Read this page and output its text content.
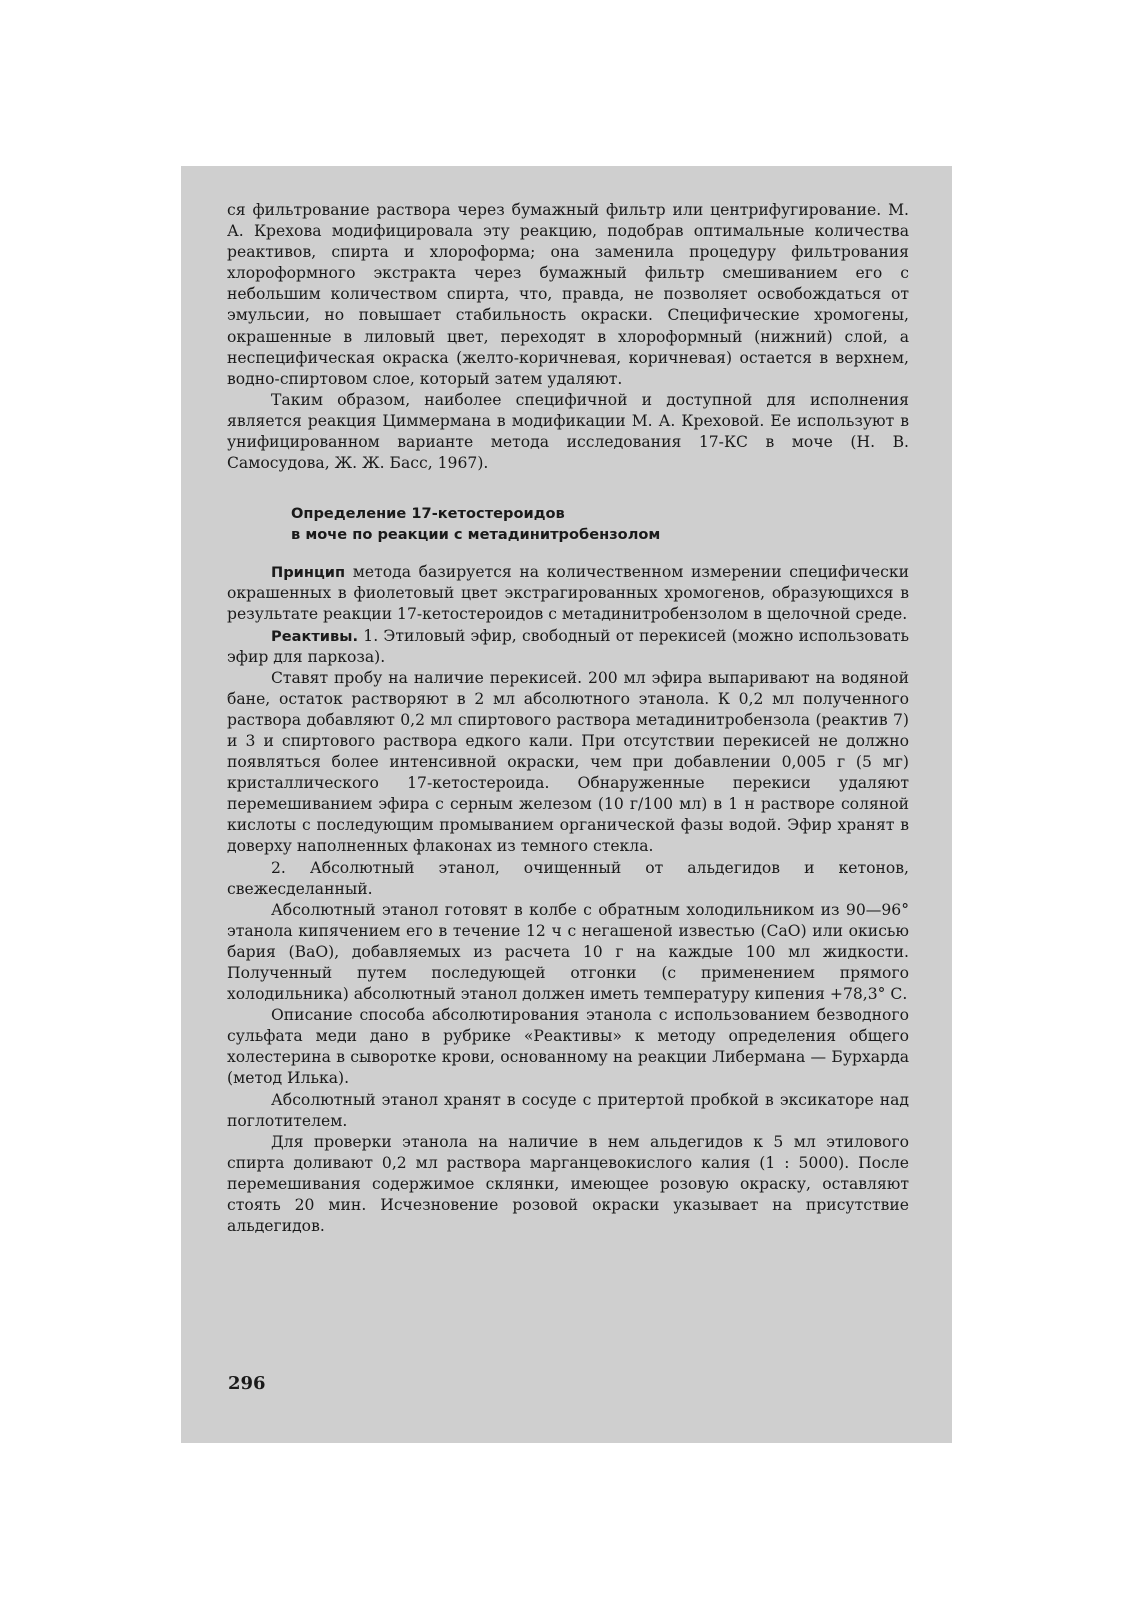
ся фильтрование раствора через бумажный фильтр или центрифугирование. М. А. Крехова модифицировала эту реакцию, подобрав оптимальные количества реактивов, спирта и хлороформа; она заменила процедуру фильтрования хлороформного экстракта через бумажный фильтр смешиванием его с небольшим количеством спирта, что, правда, не позволяет освобождаться от эмульсии, но повышает стабильность окраски. Специфические хромогены, окрашенные в лиловый цвет, переходят в хлороформный (нижний) слой, а неспецифическая окраска (желто-коричневая, коричневая) остается в верхнем, водно-спиртовом слое, который затем удаляют.

Таким образом, наиболее специфичной и доступной для исполнения является реакция Циммермана в модификации М. А. Креховой. Ее используют в унифицированном варианте метода исследования 17-КС в моче (Н. В. Самосудова, Ж. Ж. Басс, 1967).

Определение 17-кетостероидов
в моче по реакции с метадинитробензолом

Принцип метода базируется на количественном измерении специфически окрашенных в фиолетовый цвет экстрагированных хромогенов, образующихся в результате реакции 17-кетостероидов с метадинитробензолом в щелочной среде.

Реактивы. 1. Этиловый эфир, свободный от перекисей (можно использовать эфир для паркоза).

Ставят пробу на наличие перекисей. 200 мл эфира выпаривают на водяной бане, остаток растворяют в 2 мл абсолютного этанола. К 0,2 мл полученного раствора добавляют 0,2 мл спиртового раствора метадинитробензола (реактив 7) и 3 и спиртового раствора едкого кали. При отсутствии перекисей не должно появляться более интенсивной окраски, чем при добавлении 0,005 г (5 мг) кристаллического 17-кетостероида. Обнаруженные перекиси удаляют перемешиванием эфира с серным железом (10 г/100 мл) в 1 н растворе соляной кислоты с последующим промыванием органической фазы водой. Эфир хранят в доверху наполненных флаконах из темного стекла.

2. Абсолютный этанол, очищенный от альдегидов и кетонов, свежесделанный.

Абсолютный этанол готовят в колбе с обратным холодильником из 90—96° этанола кипячением его в течение 12 ч с негашеной известью (CaO) или окисью бария (BaO), добавляемых из расчета 10 г на каждые 100 мл жидкости. Полученный путем последующей отгонки (с применением прямого холодильника) абсолютный этанол должен иметь температуру кипения +78,3° С.

Описание способа абсолютирования этанола с использованием безводного сульфата меди дано в рубрике «Реактивы» к методу определения общего холестерина в сыворотке крови, основанному на реакции Либермана — Бурхарда (метод Илька).

Абсолютный этанол хранят в сосуде с притертой пробкой в эксикаторе над поглотителем.

Для проверки этанола на наличие в нем альдегидов к 5 мл этилового спирта доливают 0,2 мл раствора марганцевокислого калия (1 : 5000). После перемешивания содержимое склянки, имеющее розовую окраску, оставляют стоять 20 мин. Исчезновение розовой окраски указывает на присутствие альдегидов.

296
